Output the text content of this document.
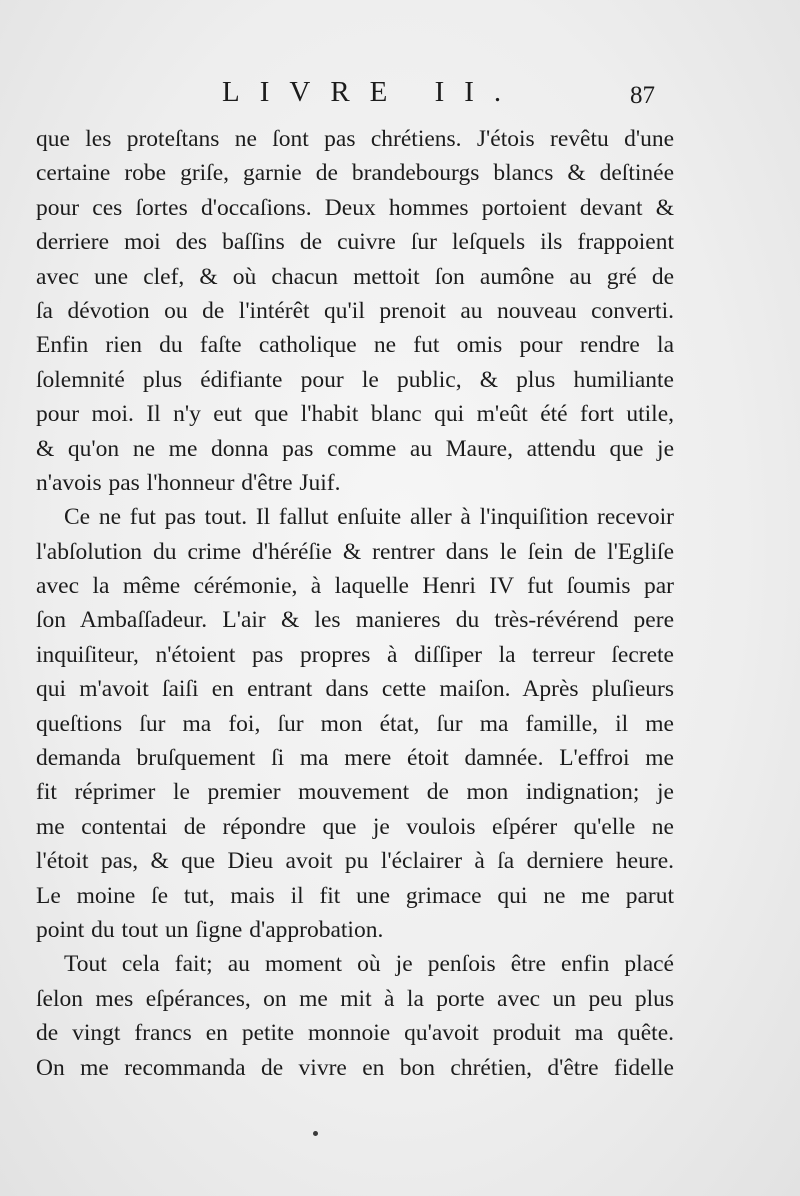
LIVRE II.	87
que les proteſtans ne ſont pas chrétiens. J'étois revêtu d'une
certaine robe griſe, garnie de brandebourgs blancs & deſtinée
pour ces ſortes d'occaſions. Deux hommes portoient devant &
derriere moi des baſſins de cuivre ſur leſquels ils frappoient
avec une clef, & où chacun mettoit ſon aumône au gré de
ſa dévotion ou de l'intérêt qu'il prenoit au nouveau converti.
Enfin rien du faſte catholique ne fut omis pour rendre la
ſolemnité plus édifiante pour le public, & plus humiliante
pour moi. Il n'y eut que l'habit blanc qui m'eût été fort utile,
& qu'on ne me donna pas comme au Maure, attendu que je
n'avois pas l'honneur d'être Juif.
Ce ne fut pas tout. Il fallut enſuite aller à l'inquiſition recevoir
l'abſolution du crime d'héréſie & rentrer dans le ſein de l'Egliſe
avec la même cérémonie, à laquelle Henri IV fut ſoumis par
ſon Ambaſſadeur. L'air & les manieres du très-révérend pere
inquiſiteur, n'étoient pas propres à diſſiper la terreur ſecrete
qui m'avoit ſaiſi en entrant dans cette maiſon. Après pluſieurs
queſtions ſur ma foi, ſur mon état, ſur ma famille, il me
demanda bruſquement ſi ma mere étoit damnée. L'effroi me
fit réprimer le premier mouvement de mon indignation; je
me contentai de répondre que je voulois eſpérer qu'elle ne
l'étoit pas, & que Dieu avoit pu l'éclairer à ſa derniere heure.
Le moine ſe tut, mais il fit une grimace qui ne me parut
point du tout un ſigne d'approbation.
Tout cela fait; au moment où je penſois être enfin placé
ſelon mes eſpérances, on me mit à la porte avec un peu plus
de vingt francs en petite monnoie qu'avoit produit ma quête.
On me recommanda de vivre en bon chrétien, d'être fidelle
